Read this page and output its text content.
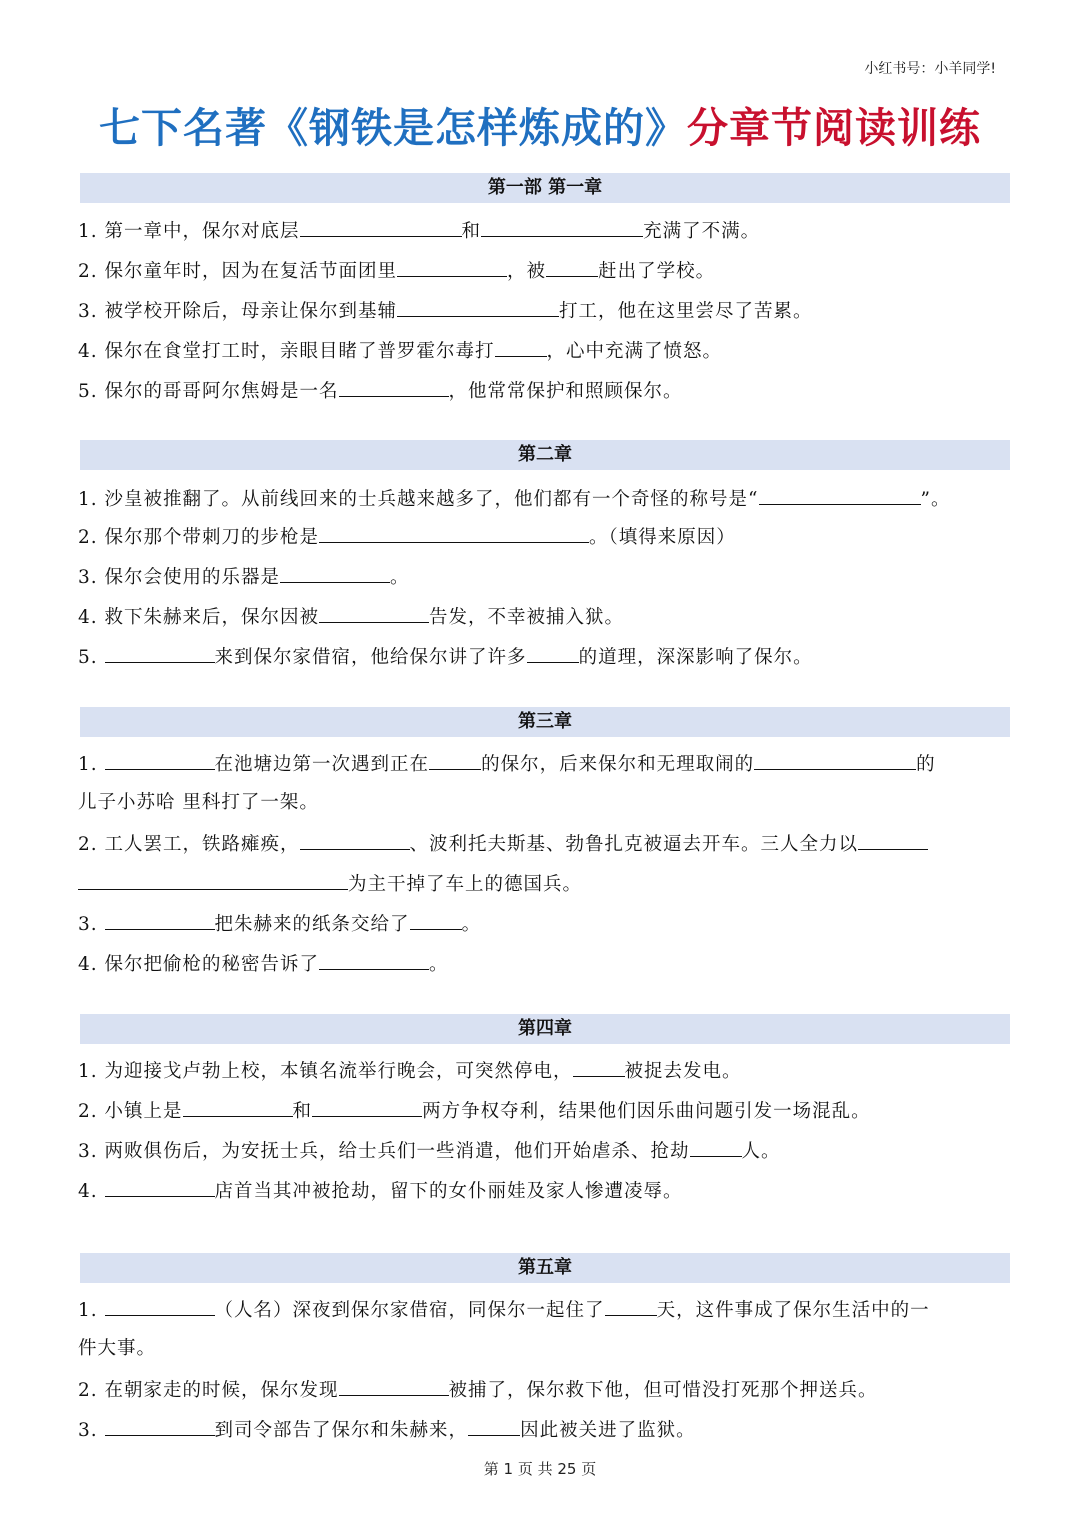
小红书号：小羊同学!
七下名著《钢铁是怎样炼成的》分章节阅读训练
第一部 第一章
1. 第一章中，保尔对底层	和	充满了不满。
2. 保尔童年时，因为在复活节面团里	，被	赶出了学校。
3. 被学校开除后，母亲让保尔到基辅	打工，他在这里尝尽了苦累。
4. 保尔在食堂打工时，亲眼目睹了普罗霍尔毒打	，心中充满了愤怒。
5. 保尔的哥哥阿尔焦姆是一名	，他常常保护和照顾保尔。
第二章
1. 沙皇被推翻了。从前线回来的士兵越来越多了，他们都有一个奇怪的称号是“	”。
2. 保尔那个带刺刀的步枪是	。（填得来原因）
3. 保尔会使用的乐器是	。
4. 救下朱赫来后，保尔因被	告发，不幸被捕入狱。
5.	来到保尔家借宿，他给保尔讲了许多	的道理，深深影响了保尔。
第三章
1.	在池塘边第一次遇到正在	的保尔，后来保尔和无理取闹的	的
儿子小苏哈 里科打了一架。
2. 工人罢工，铁路瘫痪，	、波利托夫斯基、勃鲁扎克被逼去开车。三人全力以
为主干掉了车上的德国兵。
3.	把朱赫来的纸条交给了	。
4. 保尔把偷枪的秘密告诉了	。
第四章
1. 为迎接戈卢勃上校，本镇名流举行晚会，可突然停电，	被捉去发电。
2. 小镇上是	和	两方争权夺利，结果他们因乐曲问题引发一场混乱。
3. 两败俱伤后，为安抚士兵，给士兵们一些消遣，他们开始虐杀、抢劫	人。
4.	店首当其冲被抢劫，留下的女仆丽娃及家人惨遭凌辱。
第五章
1.	（人名）深夜到保尔家借宿，同保尔一起住了	天，这件事成了保尔生活中的一
件大事。
2. 在朝家走的时候，保尔发现	被捕了，保尔救下他，但可惜没打死那个押送兵。
3.	到司令部告了保尔和朱赫来，	因此被关进了监狱。
第 1 页 共 25 页
